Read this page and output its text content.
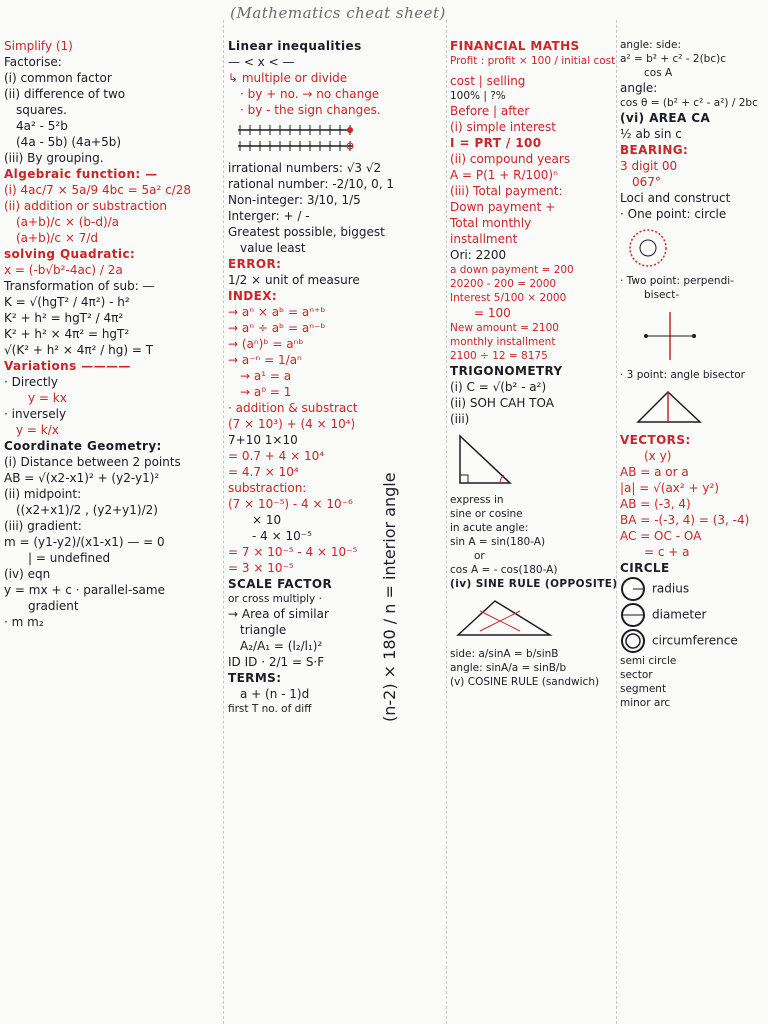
(Mathematics cheat sheet)
Simplify (1)
Factorise:
(i) common factor
(ii) difference of two
squares.
4a² - 5²b
(4a - 5b) (4a+5b)
(iii) By grouping.
Algebraic function: —
(i) 4ac/7 × 5a/9 4bc = 5a² c/28
(ii) addition or substraction
(a+b)/c × (b-d)/a
(a+b)/c × 7/d
solving Quadratic:
x = (-b√b²-4ac) / 2a
Transformation of sub: —
K = √(hgT² / 4π²) - h²
K² + h² = hgT² / 4π²
K² + h² × 4π² = hgT²
√(K² + h² × 4π² / hg) = T
Variations ————
· Directly
y = kx
· inversely
y = k/x
Coordinate Geometry:
(i) Distance between 2 points
AB = √(x2-x1)² + (y2-y1)²
(ii) midpoint:
((x2+x1)/2 , (y2+y1)/2)
(iii) gradient:
m = (y1-y2)/(x1-x1) — = 0
| = undefined
(iv) eqn
y = mx + c · parallel-same
gradient
· m m₂
Linear inequalities
— < x < —
↳ multiple or divide
· by + no. → no change
· by - the sign changes.
irrational numbers: √3 √2
rational number: -2/10, 0, 1
Non-integer: 3/10, 1/5
Interger: + / -
Greatest possible, biggest
value least
ERROR:
1/2 × unit of measure
INDEX:
→ aⁿ × aᵇ = aⁿ⁺ᵇ
→ aⁿ ÷ aᵇ = aⁿ⁻ᵇ
→ (aⁿ)ᵇ = aⁿᵇ
→ a⁻ⁿ = 1/aⁿ
→ a¹ = a
→ a⁰ = 1
· addition & substract
(7 × 10³) + (4 × 10⁴)
7+10 1×10
= 0.7 + 4 × 10⁴
= 4.7 × 10⁴
substraction:
(7 × 10⁻⁵) - 4 × 10⁻⁶
× 10
- 4 × 10⁻⁵
= 7 × 10⁻⁵ - 4 × 10⁻⁵
= 3 × 10⁻⁵
SCALE FACTOR
or cross multiply ·
→ Area of similar
triangle
A₂/A₁ = (l₂/l₁)²
ID ID · 2/1 = S·F
TERMS:
a + (n - 1)d
first T no. of diff
FINANCIAL MATHS
Profit : profit × 100 / initial cost
cost | selling
100% | ?%
Before | after
(i) simple interest
I = PRT / 100
(ii) compound years
A = P(1 + R/100)ⁿ
(iii) Total payment:
Down payment +
Total monthly
installment
Ori: 2200
a down payment = 200
20200 - 200 = 2000
Interest 5/100 × 2000
= 100
New amount = 2100
monthly installment
2100 ÷ 12 = 8175
TRIGONOMETRY
(i) C = √(b² - a²)
(ii) SOH CAH TOA
(iii)
express in
sine or cosine
in acute angle:
sin A = sin(180-A)
or
cos A = - cos(180-A)
(iv) SINE RULE (OPPOSITE)
side: a/sinA = b/sinB
angle: sinA/a = sinB/b
(v) COSINE RULE (sandwich)
angle: side:
a² = b² + c² - 2(bc)c
cos A
angle:
cos θ = (b² + c² - a²) / 2bc
(vi) AREA CA
½ ab sin c
BEARING:
3 digit 00
067°
Loci and construct
· One point: circle
· Two point: perpendi-
bisect-
· 3 point: angle bisector
VECTORS:
(x y)
AB = a or a
|a| = √(ax² + y²)
AB = (-3, 4)
BA = -(-3, 4) = (3, -4)
AC = OC - OA
= c + a
CIRCLE
radius
diameter
circumference
semi circle
sector
segment
minor arc
(n-2) × 180 / n = interior angle
